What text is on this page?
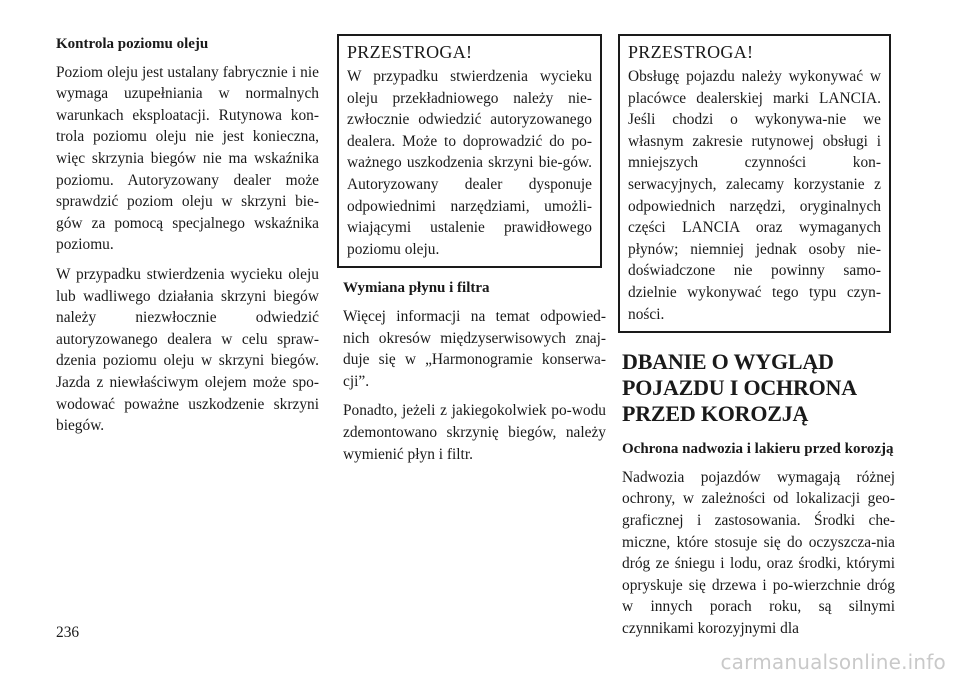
Kontrola poziomu oleju

Poziom oleju jest ustalany fabrycznie i nie wymaga uzupełniania w normalnych warunkach eksploatacji. Rutynowa kon-trola poziomu oleju nie jest konieczna, więc skrzynia biegów nie ma wskaźnika poziomu. Autoryzowany dealer może sprawdzić poziom oleju w skrzyni bie-gów za pomocą specjalnego wskaźnika poziomu.

W przypadku stwierdzenia wycieku oleju lub wadliwego działania skrzyni biegów należy niezwłocznie odwiedzić autoryzowanego dealera w celu spraw-dzenia poziomu oleju w skrzyni biegów. Jazda z niewłaściwym olejem może spo-wodować poważne uszkodzenie skrzyni biegów.

PRZESTROGA!

W przypadku stwierdzenia wycieku oleju przekładniowego należy nie-zwłocznie odwiedzić autoryzowanego dealera. Może to doprowadzić do po-ważnego uszkodzenia skrzyni bie-gów. Autoryzowany dealer dysponuje odpowiednimi narzędziami, umożli-wiającymi ustalenie prawidłowego poziomu oleju.

Wymiana płynu i filtra

Więcej informacji na temat odpowied-nich okresów międzyserwisowych znaj-duje się w „Harmonogramie konserwa-cji”.

Ponadto, jeżeli z jakiegokolwiek po-wodu zdemontowano skrzynię biegów, należy wymienić płyn i filtr.

PRZESTROGA!

Obsługę pojazdu należy wykonywać w placówce dealerskiej marki LANCIA. Jeśli chodzi o wykonywa-nie we własnym zakresie rutynowej obsługi i mniejszych czynności kon-serwacyjnych, zalecamy korzystanie z odpowiednich narzędzi, oryginalnych części LANCIA oraz wymaganych płynów; niemniej jednak osoby nie-doświadczone nie powinny samo-dzielnie wykonywać tego typu czyn-ności.

DBANIE O WYGLĄD POJAZDU I OCHRONA PRZED KOROZJĄ
Ochrona nadwozia i lakieru przed korozją

Nadwozia pojazdów wymagają różnej ochrony, w zależności od lokalizacji geo-graficznej i zastosowania. Środki che-miczne, które stosuje się do oczyszcza-nia dróg ze śniegu i lodu, oraz środki, którymi opryskuje się drzewa i po-wierzchnie dróg w innych porach roku, są silnymi czynnikami korozyjnymi dla

236
carmanualsonline.info
